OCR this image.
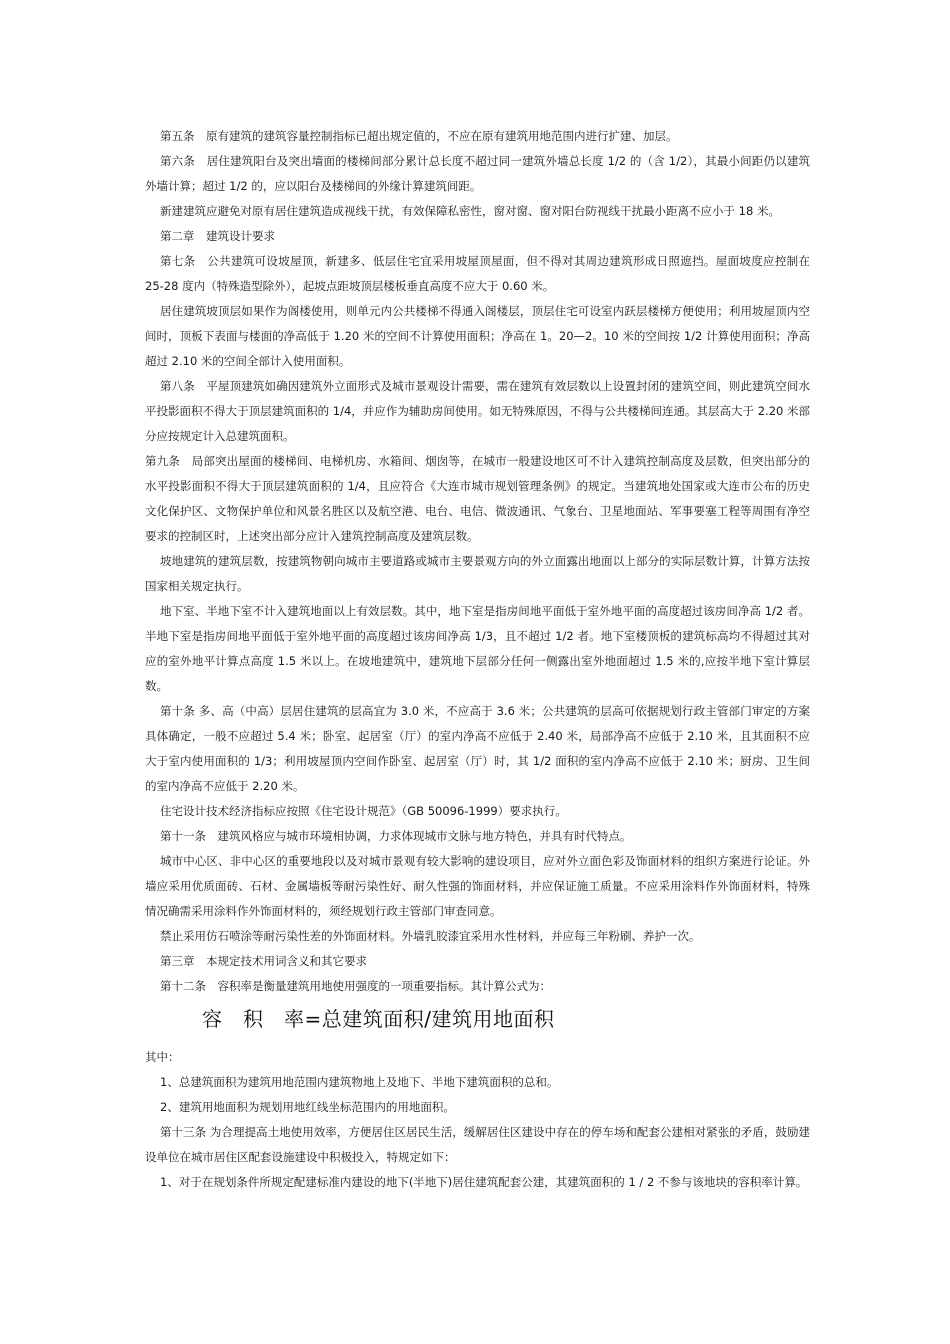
第五条　原有建筑的建筑容量控制指标已超出规定值的，不应在原有建筑用地范围内进行扩建、加层。

第六条　居住建筑阳台及突出墙面的楼梯间部分累计总长度不超过同一建筑外墙总长度 1/2 的（含 1/2），其最小间距仍以建筑外墙计算；超过 1/2 的，应以阳台及楼梯间的外缘计算建筑间距。

新建建筑应避免对原有居住建筑造成视线干扰，有效保障私密性，窗对窗、窗对阳台防视线干扰最小距离不应小于 18 米。

第二章　建筑设计要求

第七条　公共建筑可设坡屋顶，新建多、低层住宅宜采用坡屋顶屋面，但不得对其周边建筑形成日照遮挡。屋面坡度应控制在 25-28 度内（特殊造型除外），起坡点距坡顶层楼板垂直高度不应大于 0.60 米。

居住建筑坡顶层如果作为阁楼使用，则单元内公共楼梯不得通入阁楼层，顶层住宅可设室内跃层楼梯方便使用；利用坡屋顶内空间时，顶板下表面与楼面的净高低于 1.20 米的空间不计算使用面积；净高在 1。20—2。10 米的空间按 1/2 计算使用面积；净高超过 2.10 米的空间全部计入使用面积。

第八条　平屋顶建筑如确因建筑外立面形式及城市景观设计需要，需在建筑有效层数以上设置封闭的建筑空间，则此建筑空间水平投影面积不得大于顶层建筑面积的 1/4，并应作为辅助房间使用。如无特殊原因，不得与公共楼梯间连通。其层高大于 2.20 米部分应按规定计入总建筑面积。

第九条　局部突出屋面的楼梯间、电梯机房、水箱间、烟囱等，在城市一般建设地区可不计入建筑控制高度及层数，但突出部分的水平投影面积不得大于顶层建筑面积的 1/4，且应符合《大连市城市规划管理条例》的规定。当建筑地处国家或大连市公布的历史文化保护区、文物保护单位和风景名胜区以及航空港、电台、电信、微波通讯、气象台、卫星地面站、军事要塞工程等周围有净空要求的控制区时，上述突出部分应计入建筑控制高度及建筑层数。

坡地建筑的建筑层数，按建筑物朝向城市主要道路或城市主要景观方向的外立面露出地面以上部分的实际层数计算，计算方法按国家相关规定执行。

地下室、半地下室不计入建筑地面以上有效层数。其中，地下室是指房间地平面低于室外地平面的高度超过该房间净高 1/2 者。半地下室是指房间地平面低于室外地平面的高度超过该房间净高 1/3，且不超过 1/2 者。地下室楼顶板的建筑标高均不得超过其对应的室外地平计算点高度 1.5 米以上。在坡地建筑中，建筑地下层部分任何一侧露出室外地面超过 1.5 米的,应按半地下室计算层数。

第十条 多、高（中高）层居住建筑的层高宜为 3.0 米，不应高于 3.6 米；公共建筑的层高可依据规划行政主管部门审定的方案具体确定，一般不应超过 5.4 米；卧室、起居室（厅）的室内净高不应低于 2.40 米，局部净高不应低于 2.10 米，且其面积不应大于室内使用面积的 1/3；利用坡屋顶内空间作卧室、起居室（厅）时，其 1/2 面积的室内净高不应低于 2.10 米；厨房、卫生间的室内净高不应低于 2.20 米。

住宅设计技术经济指标应按照《住宅设计规范》（GB 50096-1999）要求执行。

第十一条　建筑风格应与城市环境相协调，力求体现城市文脉与地方特色，并具有时代特点。

城市中心区、非中心区的重要地段以及对城市景观有较大影响的建设项目，应对外立面色彩及饰面材料的组织方案进行论证。外墙应采用优质面砖、石材、金属墙板等耐污染性好、耐久性强的饰面材料，并应保证施工质量。不应采用涂料作外饰面材料，特殊情况确需采用涂料作外饰面材料的，须经规划行政主管部门审查同意。

禁止采用仿石喷涂等耐污染性差的外饰面材料。外墙乳胶漆宜采用水性材料，并应每三年粉刷、养护一次。

第三章　本规定技术用词含义和其它要求

第十二条　容积率是衡量建筑用地使用强度的一项重要指标。其计算公式为：

容　积　率=总建筑面积/建筑用地面积

其中：

1、总建筑面积为建筑用地范围内建筑物地上及地下、半地下建筑面积的总和。

2、建筑用地面积为规划用地红线坐标范围内的用地面积。

第十三条 为合理提高土地使用效率，方便居住区居民生活，缓解居住区建设中存在的停车场和配套公建相对紧张的矛盾，鼓励建设单位在城市居住区配套设施建设中积极投入，特规定如下：

1、对于在规划条件所规定配建标准内建设的地下(半地下)居住建筑配套公建，其建筑面积的 1 / 2 不参与该地块的容积率计算。
